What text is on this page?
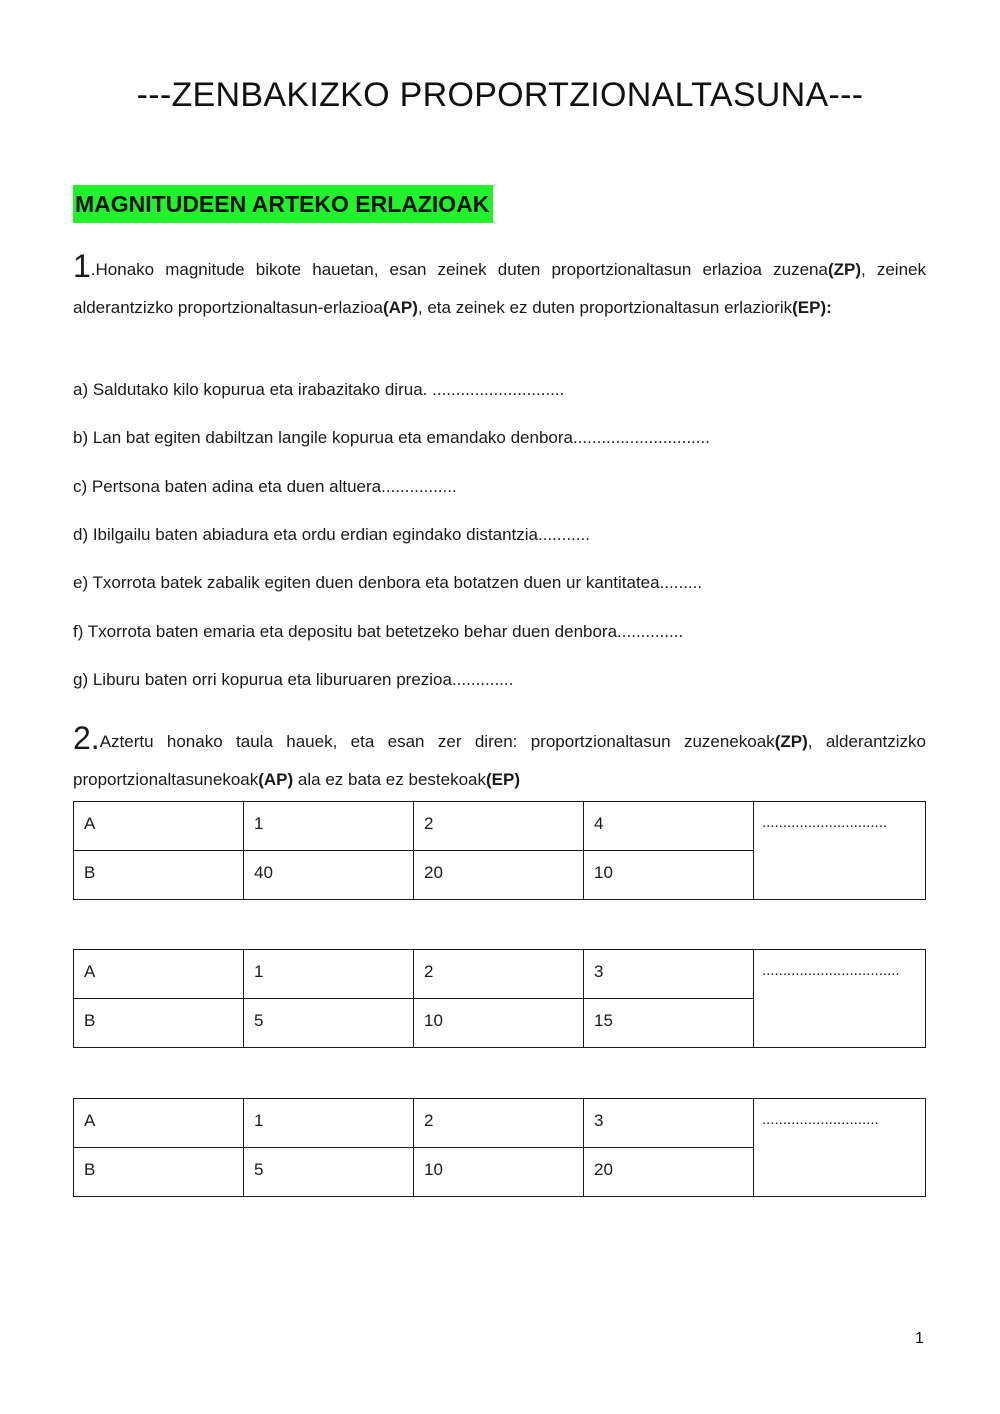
---ZENBAKIZKO PROPORTZIONALTASUNA---
MAGNITUDEEN ARTEKO ERLAZIOAK
1.Honako magnitude bikote hauetan, esan zeinek duten proportzionaltasun erlazioa zuzena(ZP), zeinek alderantzizko proportzionaltasun-erlazioa(AP), eta zeinek ez duten proportzionaltasun erlaziorik(EP):
a) Saldutako kilo kopurua eta irabazitako dirua. ............................
b) Lan bat egiten dabiltzan langile kopurua eta emandako denbora.............................
c) Pertsona baten adina eta duen altuera................
d) Ibilgailu baten abiadura eta ordu erdian egindako distantzia...........
e) Txorrota batek zabalik egiten duen denbora eta botatzen duen ur kantitatea.........
f) Txorrota baten emaria eta depositu bat betetzeko behar duen denbora..............
g) Liburu baten orri kopurua eta liburuaren prezioa.............
2.Aztertu honako taula hauek, eta esan zer diren: proportzionaltasun zuzenekoak(ZP), alderantzizko proportzionaltasunekoak(AP) ala ez bata ez bestekoak(EP)
A	1	2	4	..............................
B	40	20	10	
A	1	2	3	.................................
B	5	10	15	
A	1	2	3	............................
B	5	10	20	
1
